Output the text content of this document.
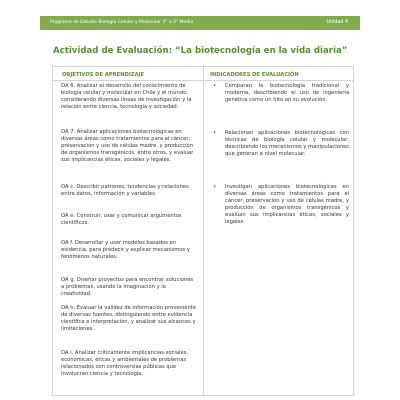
Programa de Estudio Biología Celular y Molecular 3° a 4° Medio	Unidad 4
Actividad de Evaluación: “La biotecnología en la vida diaria”
OBJETIVOS DE APRENDIZAJE	INDICADORES DE EVALUACIÓN
OA 6. Analizar el desarrollo del conocimiento de biología celular y molecular en Chile y el mundo, considerando diversas líneas de investigación y la relación entre ciencia, tecnología y sociedad.
OA 7. Analizar aplicaciones biotecnológicas en diversas áreas como tratamientos para el cáncer, preservación y uso de células madre, y producción de organismos transgénicos, entre otros, y evaluar sus implicancias éticas, sociales y legales.
OA c. Describir patrones, tendencias y relaciones entre datos, información y variables.
OA e. Construir, usar y comunicar argumentos científicos.
OA f. Desarrollar y usar modelos basados en evidencia, para predecir y explicar mecanismos y fenómenos naturales.
OA g. Diseñar proyectos para encontrar soluciones a problemas, usando la imaginación y la creatividad.
OA h. Evaluar la validez de información proveniente de diversas fuentes, distinguiendo entre evidencia científica e interpretación, y analizar sus alcances y limitaciones.
OA i. Analizar críticamente implicancias sociales, económicas, éticas y ambientales de problemas relacionados con controversias públicas que involucran ciencia y tecnología.
• Comparan la biotecnología tradicional y moderna, describiendo el uso de ingeniería genética como un hito en su evolución.
• Relacionan aplicaciones biotecnológicas con técnicas de biología celular y molecular, describiendo los mecanismos y manipulaciones que generan a nivel molecular.
• Investigan aplicaciones biotecnológicas en diversas áreas como tratamientos para el cáncer, preservación y uso de células madre, y producción de organismos transgénicos y evalúan sus implicancias éticas, sociales y legales.
